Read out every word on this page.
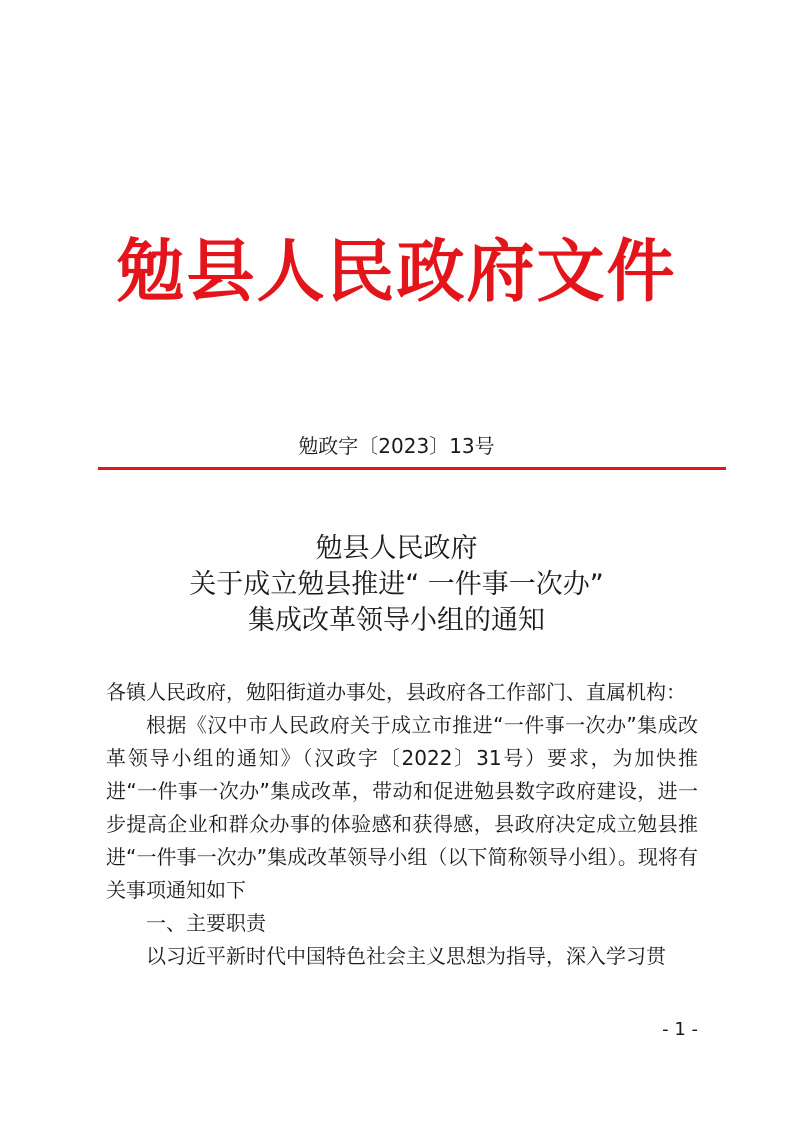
勉县人民政府文件
勉政字〔2023〕13号
勉县人民政府
关于成立勉县推进“ 一件事一次办”
集成改革领导小组的通知

各镇人民政府，勉阳街道办事处，县政府各工作部门、直属机构：

根据《汉中市人民政府关于成立市推进“一件事一次办”集成改革领导小组的通知》（汉政字〔2022〕31号）要求，为加快推进“一件事一次办”集成改革，带动和促进勉县数字政府建设，进一步提高企业和群众办事的体验感和获得感，县政府决定成立勉县推进“一件事一次办”集成改革领导小组（以下简称领导小组）。现将有关事项通知如下

一、主要职责

以习近平新时代中国特色社会主义思想为指导，深入学习贯

- 1 -
